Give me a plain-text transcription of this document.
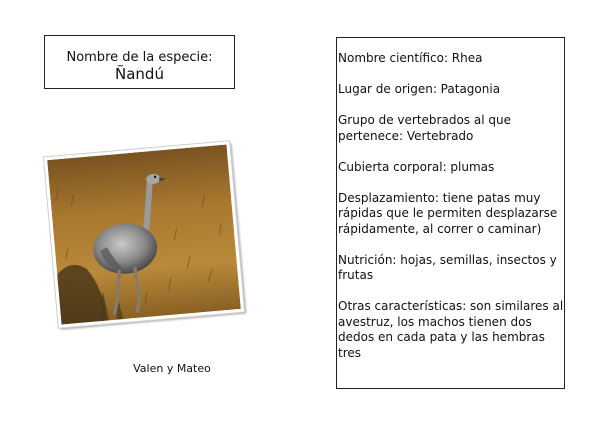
Nombre de la especie:
Ñandú
Valen y Mateo
Nombre científico: Rhea
Lugar de origen: Patagonia
Grupo de vertebrados al que pertenece: Vertebrado
Cubierta corporal: plumas
Desplazamiento: tiene patas muy rápidas que le permiten desplazarse rápidamente, al correr o caminar)
Nutrición: hojas, semillas, insectos y frutas
Otras características: son similares al avestruz, los machos tienen dos dedos en cada pata y las hembras tres
